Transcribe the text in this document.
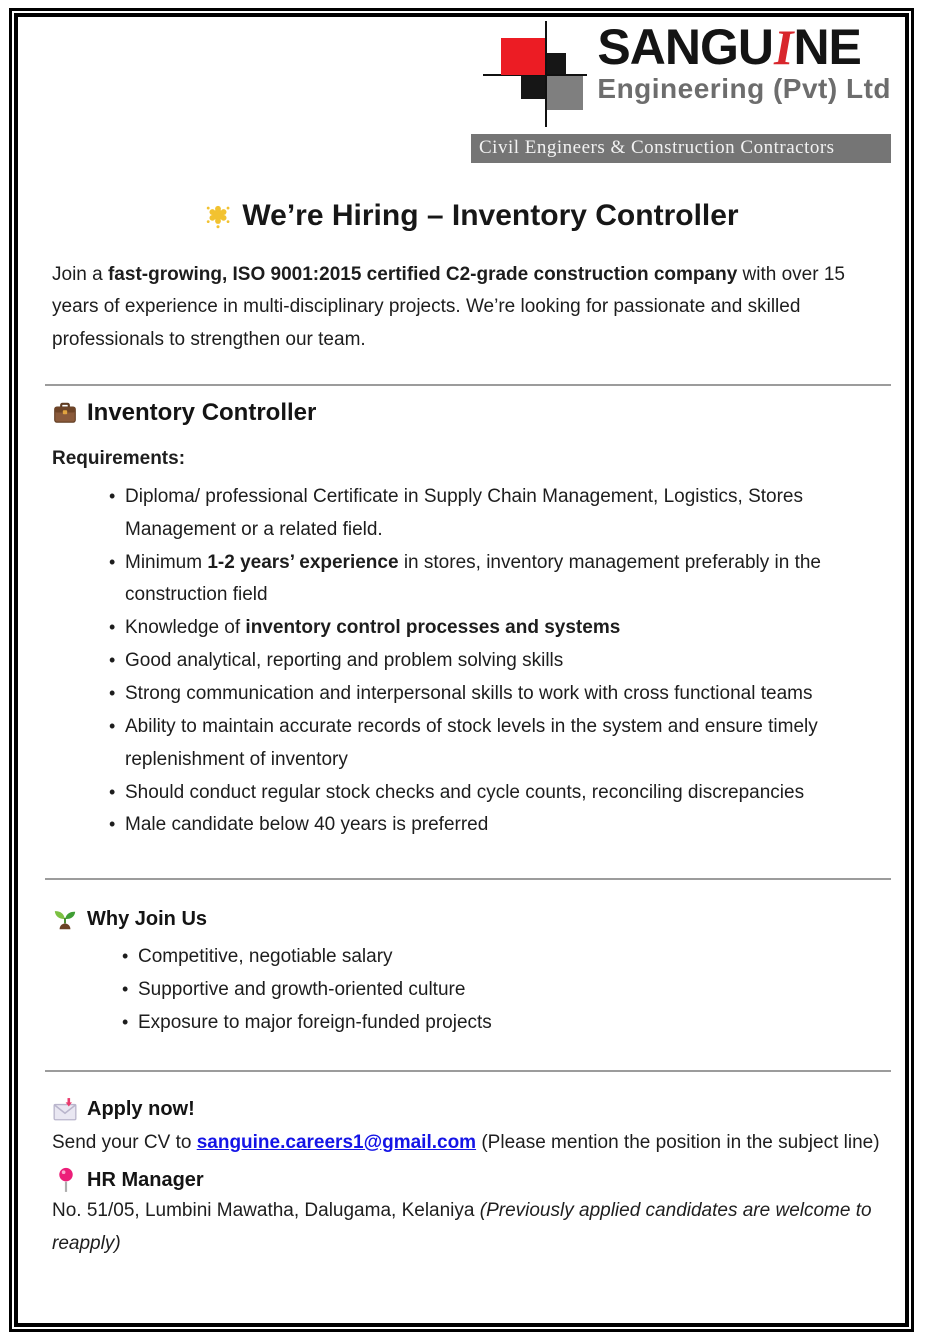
SANGUINE
Engineering (Pvt) Ltd
Civil Engineers & Construction Contractors
We’re Hiring – Inventory Controller

Join a fast-growing, ISO 9001:2015 certified C2-grade construction company with over 15 years of experience in multi-disciplinary projects. We’re looking for passionate and skilled professionals to strengthen our team.

Inventory Controller
Requirements:
• Diploma/ professional Certificate in Supply Chain Management, Logistics, Stores Management or a related field.
• Minimum 1-2 years’ experience in stores, inventory management preferably in the construction field
• Knowledge of inventory control processes and systems
• Good analytical, reporting and problem solving skills
• Strong communication and interpersonal skills to work with cross functional teams
• Ability to maintain accurate records of stock levels in the system and ensure timely replenishment of inventory
• Should conduct regular stock checks and cycle counts, reconciling discrepancies
• Male candidate below 40 years is preferred
Why Join Us
• Competitive, negotiable salary
• Supportive and growth-oriented culture
• Exposure to major foreign-funded projects
Apply now!

Send your CV to sanguine.careers1@gmail.com (Please mention the position in the subject line)

HR Manager

No. 51/05, Lumbini Mawatha, Dalugama, Kelaniya (Previously applied candidates are welcome to reapply)
